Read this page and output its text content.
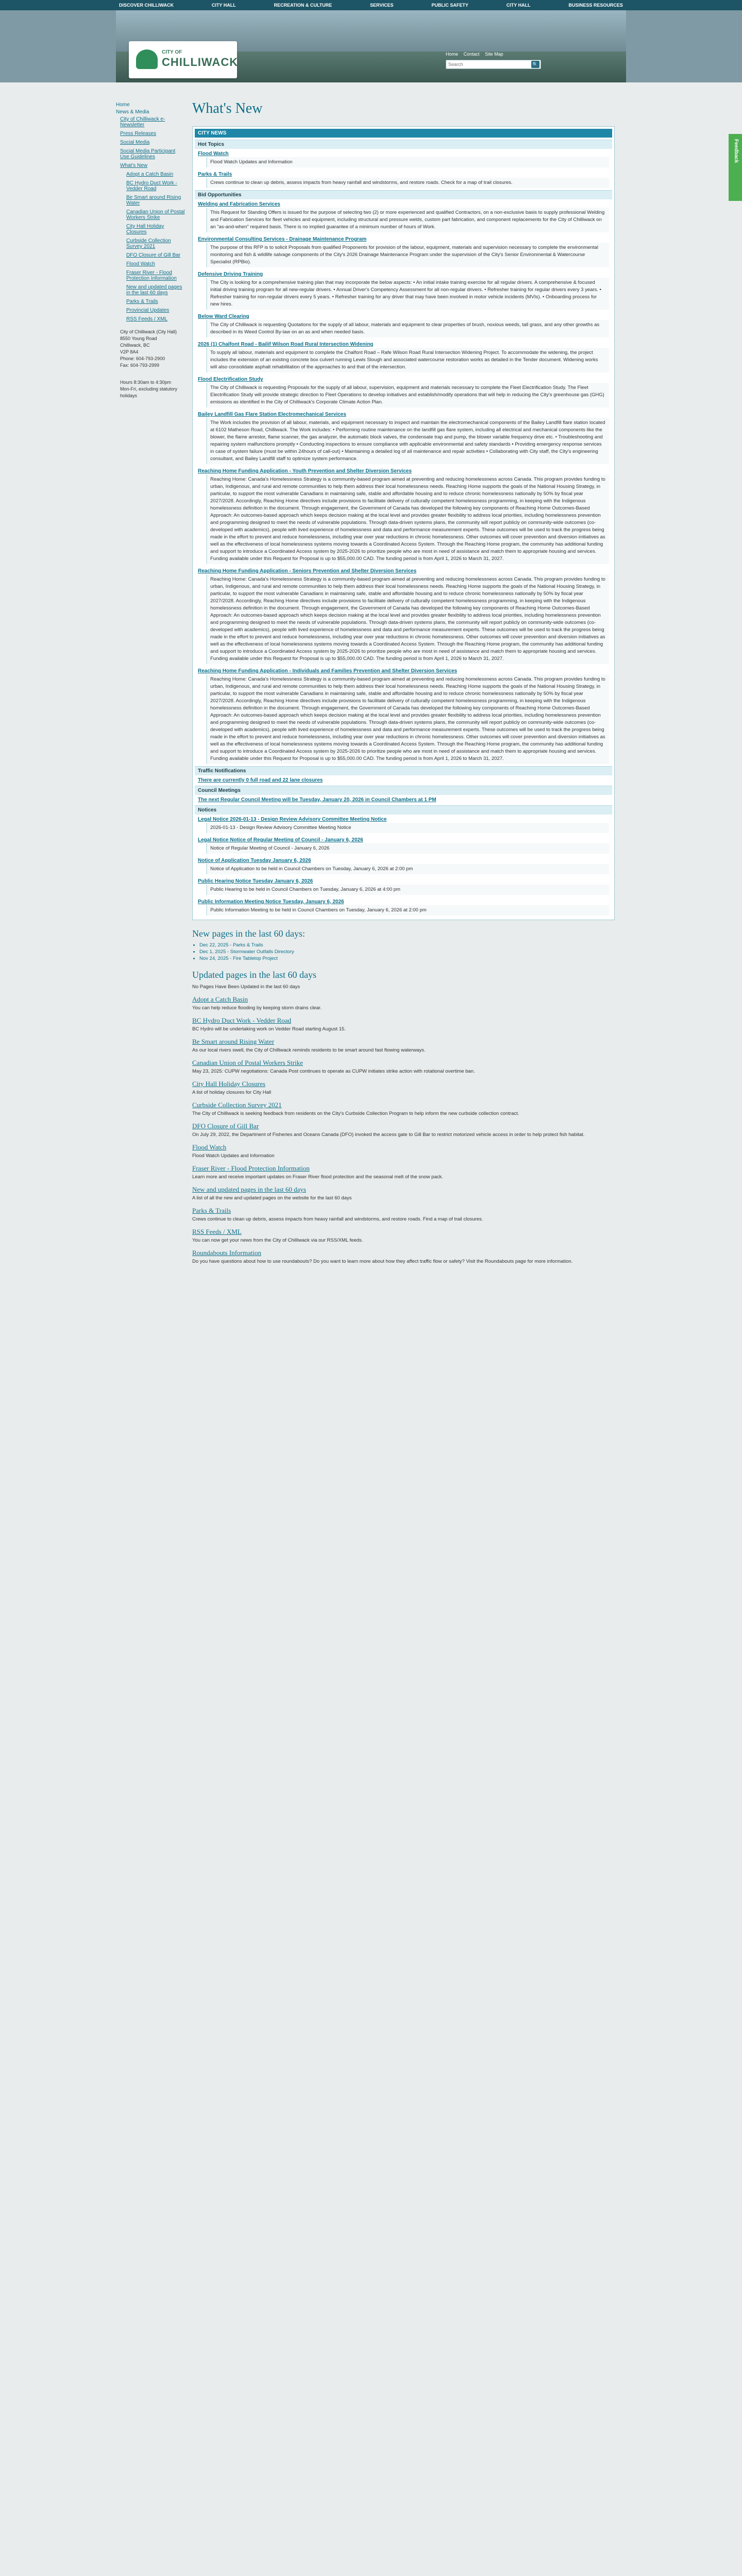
DISCOVER CHILLIWACK	CITY HALL	RECREATION & CULTURE	SERVICES	PUBLIC SAFETY	CITY HALL	BUSINESS RESOURCES
CITY OF
CHILLIWACK
Home Contact Site Map
Search
🔍
Feedback
Home
News & Media
City of Chilliwack e-Newsletter
Press Releases
Social Media
Social Media Participant Use Guidelines
What's New
Adopt a Catch Basin
BC Hydro Duct Work - Vedder Road
Be Smart around Rising Water
Canadian Union of Postal Workers Strike
City Hall Holiday Closures
Curbside Collection Survey 2021
DFO Closure of Gill Bar
Flood Watch
Fraser River - Flood Protection Information
New and updated pages in the last 60 days
Parks & Trails
Provincial Updates
RSS Feeds / XML
City of Chilliwack (City Hall)
8550 Young Road
Chilliwack, BC
V2P 8A4
Phone: 604-793-2900
Fax: 604-793-2999
Hours 8:30am to 4:30pm
Mon-Fri, excluding statutory holidays
What's New
CITY NEWS
Hot Topics
Flood Watch
Flood Watch Updates and Information
Parks & Trails
Crews continue to clean up debris, assess impacts from heavy rainfall and windstorms, and restore roads. Check for a map of trail closures.
Bid Opportunities
Welding and Fabrication Services
This Request for Standing Offers is issued for the purpose of selecting two (2) or more experienced and qualified Contractors, on a non-exclusive basis to supply professional Welding and Fabrication Services for fleet vehicles and equipment, including structural and pressure welds, custom part fabrication, and component replacements for the City of Chilliwack on an "as-and-when" required basis. There is no implied guarantee of a minimum number of hours of Work.
Environmental Consulting Services - Drainage Maintenance Program
The purpose of this RFP is to solicit Proposals from qualified Proponents for provision of the labour, equipment, materials and supervision necessary to complete the environmental monitoring and fish & wildlife salvage components of the City's 2026 Drainage Maintenance Program under the supervision of the City's Senior Environmental & Watercourse Specialist (RPBio).
Defensive Driving Training
The City is looking for a comprehensive training plan that may incorporate the below aspects: • An initial intake training exercise for all regular drivers. A comprehensive & focused initial driving training program for all new-regular drivers. • Annual Driver's Competency Assessment for all non-regular drivers. • Refresher training for regular drivers every 3 years. • Refresher training for non-regular drivers every 5 years. • Refresher training for any driver that may have been involved in motor vehicle incidents (MVIs). • Onboarding process for new hires.
Below Ward Clearing
The City of Chilliwack is requesting Quotations for the supply of all labour, materials and equipment to clear properties of brush, noxious weeds, tall grass, and any other growths as described in its Weed Control By-law on an as and when needed basis.
2026 (1) Chalfont Road - Bailif Wilson Road Rural Intersection Widening
To supply all labour, materials and equipment to complete the Chalfont Road – Rafe Wilson Road Rural Intersection Widening Project. To accommodate the widening, the project includes the extension of an existing concrete box culvert running Lewis Slough and associated watercourse restoration works as detailed in the Tender document. Widening works will also consolidate asphalt rehabilitation of the approaches to and that of the intersection.
Flood Electrification Study
The City of Chilliwack is requesting Proposals for the supply of all labour, supervision, equipment and materials necessary to complete the Fleet Electrification Study. The Fleet Electrification Study will provide strategic direction to Fleet Operations to develop initiatives and establish/modify operations that will help in reducing the City's greenhouse gas (GHG) emissions as identified in the City of Chilliwack's Corporate Climate Action Plan.
Bailey Landfill Gas Flare Station Electromechanical Services
The Work includes the provision of all labour, materials, and equipment necessary to inspect and maintain the electromechanical components of the Bailey Landfill flare station located at 6102 Matheson Road, Chilliwack. The Work includes: • Performing routine maintenance on the landfill gas flare system, including all electrical and mechanical components like the blower, the flame arrestor, flame scanner, the gas analyzer, the automatic block valves, the condensate trap and pump, the blower variable frequency drive etc. • Troubleshooting and repairing system malfunctions promptly • Conducting inspections to ensure compliance with applicable environmental and safety standards • Providing emergency response services in case of system failure (must be within 24hours of call-out) • Maintaining a detailed log of all maintenance and repair activities • Collaborating with City staff, the City's engineering consultant, and Bailey Landfill staff to optimize system performance.
Reaching Home Funding Application - Youth Prevention and Shelter Diversion Services
Reaching Home: Canada's Homelessness Strategy is a community-based program aimed at preventing and reducing homelessness across Canada. This program provides funding to urban, Indigenous, and rural and remote communities to help them address their local homelessness needs. Reaching Home supports the goals of the National Housing Strategy, in particular, to support the most vulnerable Canadians in maintaining safe, stable and affordable housing and to reduce chronic homelessness nationally by 50% by fiscal year 2027/2028. Accordingly, Reaching Home directives include provisions to facilitate delivery of culturally competent homelessness programming, in keeping with the Indigenous homelessness definition in the document. Through engagement, the Government of Canada has developed the following key components of Reaching Home Outcomes-Based Approach: An outcomes-based approach which keeps decision making at the local level and provides greater flexibility to address local priorities, including homelessness prevention and programming designed to meet the needs of vulnerable populations. Through data-driven systems plans, the community will report publicly on community-wide outcomes (co-developed with academics), people with lived experience of homelessness and data and performance measurement experts. These outcomes will be used to track the progress being made in the effort to prevent and reduce homelessness, including year over year reductions in chronic homelessness. Other outcomes will cover prevention and diversion initiatives as well as the effectiveness of local homelessness systems moving towards a Coordinated Access System. Through the Reaching Home program, the community has additional funding and support to introduce a Coordinated Access system by 2025-2026 to prioritize people who are most in need of assistance and match them to appropriate housing and services. Funding available under this Request for Proposal is up to $55,000.00 CAD. The funding period is from April 1, 2026 to March 31, 2027.
Reaching Home Funding Application - Seniors Prevention and Shelter Diversion Services
Reaching Home: Canada's Homelessness Strategy is a community-based program aimed at preventing and reducing homelessness across Canada. This program provides funding to urban, Indigenous, and rural and remote communities to help them address their local homelessness needs. Reaching Home supports the goals of the National Housing Strategy, in particular, to support the most vulnerable Canadians in maintaining safe, stable and affordable housing and to reduce chronic homelessness nationally by 50% by fiscal year 2027/2028. Accordingly, Reaching Home directives include provisions to facilitate delivery of culturally competent homelessness programming, in keeping with the Indigenous homelessness definition in the document. Through engagement, the Government of Canada has developed the following key components of Reaching Home Outcomes-Based Approach: An outcomes-based approach which keeps decision making at the local level and provides greater flexibility to address local priorities, including homelessness prevention and programming designed to meet the needs of vulnerable populations. Through data-driven systems plans, the community will report publicly on community-wide outcomes (co-developed with academics), people with lived experience of homelessness and data and performance measurement experts. These outcomes will be used to track the progress being made in the effort to prevent and reduce homelessness, including year over year reductions in chronic homelessness. Other outcomes will cover prevention and diversion initiatives as well as the effectiveness of local homelessness systems moving towards a Coordinated Access System. Through the Reaching Home program, the community has additional funding and support to introduce a Coordinated Access system by 2025-2026 to prioritize people who are most in need of assistance and match them to appropriate housing and services. Funding available under this Request for Proposal is up to $55,000.00 CAD. The funding period is from April 1, 2026 to March 31, 2027.
Reaching Home Funding Application - Individuals and Families Prevention and Shelter Diversion Services
Reaching Home: Canada's Homelessness Strategy is a community-based program aimed at preventing and reducing homelessness across Canada. This program provides funding to urban, Indigenous, and rural and remote communities to help them address their local homelessness needs. Reaching Home supports the goals of the National Housing Strategy, in particular, to support the most vulnerable Canadians in maintaining safe, stable and affordable housing and to reduce chronic homelessness nationally by 50% by fiscal year 2027/2028. Accordingly, Reaching Home directives include provisions to facilitate delivery of culturally competent homelessness programming, in keeping with the Indigenous homelessness definition in the document. Through engagement, the Government of Canada has developed the following key components of Reaching Home Outcomes-Based Approach: An outcomes-based approach which keeps decision making at the local level and provides greater flexibility to address local priorities, including homelessness prevention and programming designed to meet the needs of vulnerable populations. Through data-driven systems plans, the community will report publicly on community-wide outcomes (co-developed with academics), people with lived experience of homelessness and data and performance measurement experts. These outcomes will be used to track the progress being made in the effort to prevent and reduce homelessness, including year over year reductions in chronic homelessness. Other outcomes will cover prevention and diversion initiatives as well as the effectiveness of local homelessness systems moving towards a Coordinated Access System. Through the Reaching Home program, the community has additional funding and support to introduce a Coordinated Access system by 2025-2026 to prioritize people who are most in need of assistance and match them to appropriate housing and services. Funding available under this Request for Proposal is up to $55,000.00 CAD. The funding period is from April 1, 2026 to March 31, 2027.
Traffic Notifications
There are currently 0 full road and 22 lane closures
Council Meetings
The next Regular Council Meeting will be Tuesday, January 20, 2026 in Council Chambers at 1 PM
Notices
Legal Notice 2026-01-13 - Design Review Advisory Committee Meeting Notice
2026-01-13 - Design Review Advisory Committee Meeting Notice
Legal Notice Notice of Regular Meeting of Council - January 6, 2026
Notice of Regular Meeting of Council - January 6, 2026
Notice of Application Tuesday January 6, 2026
Notice of Application to be held in Council Chambers on Tuesday, January 6, 2026 at 2:00 pm
Public Hearing Notice Tuesday January 6, 2026
Public Hearing to be held in Council Chambers on Tuesday, January 6, 2026 at 4:00 pm
Public Information Meeting Notice Tuesday, January 6, 2026
Public Information Meeting to be held in Council Chambers on Tuesday, January 6, 2026 at 2:00 pm
New pages in the last 60 days:
• Dec 22, 2025 - Parks & Trails
• Dec 1, 2025 - Stormwater Outfalls Directory
• Nov 24, 2025 - Fire Tabletop Project
Updated pages in the last 60 days

No Pages Have Been Updated in the last 60 days

Adopt a Catch Basin

You can help reduce flooding by keeping storm drains clear.

BC Hydro Duct Work - Vedder Road

BC Hydro will be undertaking work on Vedder Road starting August 15.

Be Smart around Rising Water

As our local rivers swell, the City of Chilliwack reminds residents to be smart around fast flowing waterways.

Canadian Union of Postal Workers Strike

May 23, 2025: CUPW negotiations: Canada Post continues to operate as CUPW initiates strike action with rotational overtime ban.

City Hall Holiday Closures

A list of holiday closures for City Hall

Curbside Collection Survey 2021

The City of Chilliwack is seeking feedback from residents on the City's Curbside Collection Program to help inform the new curbside collection contract.

DFO Closure of Gill Bar

On July 29, 2022, the Department of Fisheries and Oceans Canada (DFO) invoked the access gate to Gill Bar to restrict motorized vehicle access in order to help protect fish habitat.

Flood Watch

Flood Watch Updates and Information

Fraser River - Flood Protection Information

Learn more and receive important updates on Fraser River flood protection and the seasonal melt of the snow pack.

New and updated pages in the last 60 days

A list of all the new and updated pages on the website for the last 60 days

Parks & Trails

Crews continue to clean up debris, assess impacts from heavy rainfall and windstorms, and restore roads. Find a map of trail closures.

RSS Feeds / XML

You can now get your news from the City of Chilliwack via our RSS/XML feeds.

Roundabouts Information

Do you have questions about how to use roundabouts? Do you want to learn more about how they affect traffic flow or safety? Visit the Roundabouts page for more information.
